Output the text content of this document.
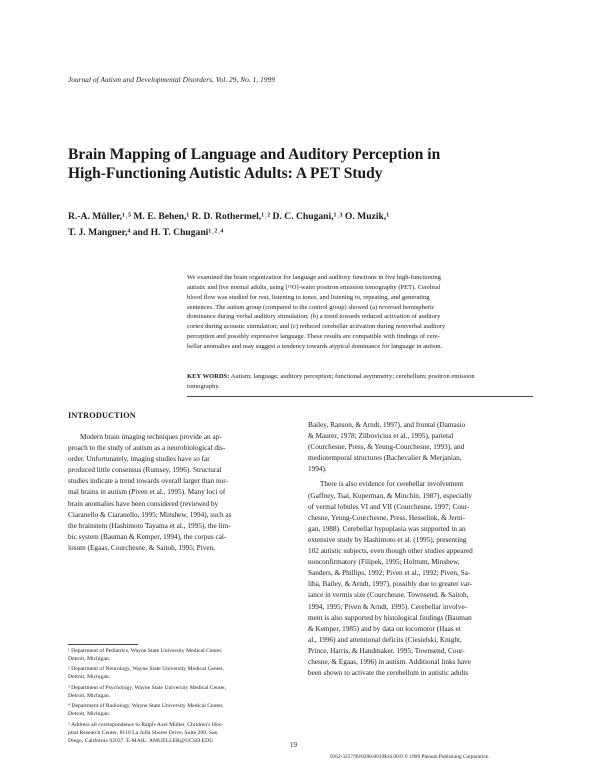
Journal of Autism and Developmental Disorders, Vol. 29, No. 1, 1999
Brain Mapping of Language and Auditory Perception in
High-Functioning Autistic Adults: A PET Study
R.-A. Müller,¹˒⁵ M. E. Behen,¹ R. D. Rothermel,¹˒² D. C. Chugani,¹˒³ O. Muzik,¹
T. J. Mangner,⁴ and H. T. Chugani¹˒²˒⁴
We examined the brain organization for language and auditory functions in five high-functioning
autistic and five normal adults, using [¹⁵O]-water positron emission tomography (PET). Cerebral
blood flow was studied for rest, listening to tones, and listening to, repeating, and generating
sentences. The autism group (compared to the control group) showed (a) reversed hemispheric
dominance during verbal auditory stimulation; (b) a trend towards reduced activation of auditory
cortex during acoustic stimulation; and (c) reduced cerebellar activation during nonverbal auditory
perception and possibly expressive language. These results are compatible with findings of cere-
bellar anomalies and may suggest a tendency towards atypical dominance for language in autism.
KEY WORDS: Autism; language; auditory perception; functional asymmetry; cerebellum; positron emission
tomography.
INTRODUCTION
Modern brain imaging techniques provide an ap-
proach to the study of autism as a neurobiological dis-
order. Unfortunately, imaging studies have so far
produced little consensus (Rumsey, 1996). Structural
studies indicate a trend towards overall larger than nor-
mal brains in autism (Piven et al., 1995). Many loci of
brain anomalies have been considered (reviewed by
Ciaranello & Ciaranello, 1995; Minshew, 1994), such as
the brainstem (Hashimoto Tayama et al., 1995), the lim-
bic system (Bauman & Kemper, 1994), the corpus cal-
losum (Egaas, Courchesne, & Saitoh, 1995; Piven,
Bailey, Ranson, & Arndt, 1997), and frontal (Damasio
& Maurer, 1978; Zilbovicius et al., 1995), parietal
(Courchesne, Press, & Yeung-Courchesne, 1993), and
mediotemporal structures (Bachevalier & Merjanian,
1994).
There is also evidence for cerebellar involvement
(Gaffney, Tsai, Kuperman, & Minchin, 1987), especially
of vermal lobules VI and VII (Courchesne, 1997; Cour-
chesne, Yeung-Courchesne, Press, Hesselink, & Jerni-
gan, 1988). Cerebellar hypoplasia was supported in an
extensive study by Hashimoto et al. (1995), presenting
102 autistic subjects, even though other studies appeared
nonconfirmatory (Filipek, 1995; Holttum, Minshew,
Sanders, & Phillips, 1992; Piven et al., 1992; Piven, Sa-
liba, Bailey, & Arndt, 1997), possibly due to greater var-
iance in vermis size (Courchesne, Townsend, & Saitoh,
1994, 1995; Piven & Arndt, 1995). Cerebellar involve-
ment is also supported by histological findings (Bauman
& Kemper, 1985) and by data on locomotor (Haas et
al., 1996) and attentional deficits (Ciesielski, Knight,
Prince, Harris, & Handmaker, 1995; Townsend, Cour-
chesne, & Egaas, 1996) in autism. Additional links have
been shown to activate the cerebellum in autistic adults
¹ Department of Pediatrics, Wayne State University Medical Center,
Detroit, Michigan.
² Department of Neurology, Wayne State University Medical Center,
Detroit, Michigan.
³ Department of Psychology, Wayne State University Medical Center,
Detroit, Michigan.
⁴ Department of Radiology, Wayne State University Medical Center,
Detroit, Michigan.
⁵ Address all correspondence to Ralph-Axel Müller, Children's Hos-
pital Research Center, 8110 La Jolla Shores Drive, Suite 200, San
Diego, California 92037. E-MAIL: AMUELLER@UCSD.EDU
19
0162-3257/99/0200-0019$16.00/0 © 1999 Plenum Publishing Corporation
